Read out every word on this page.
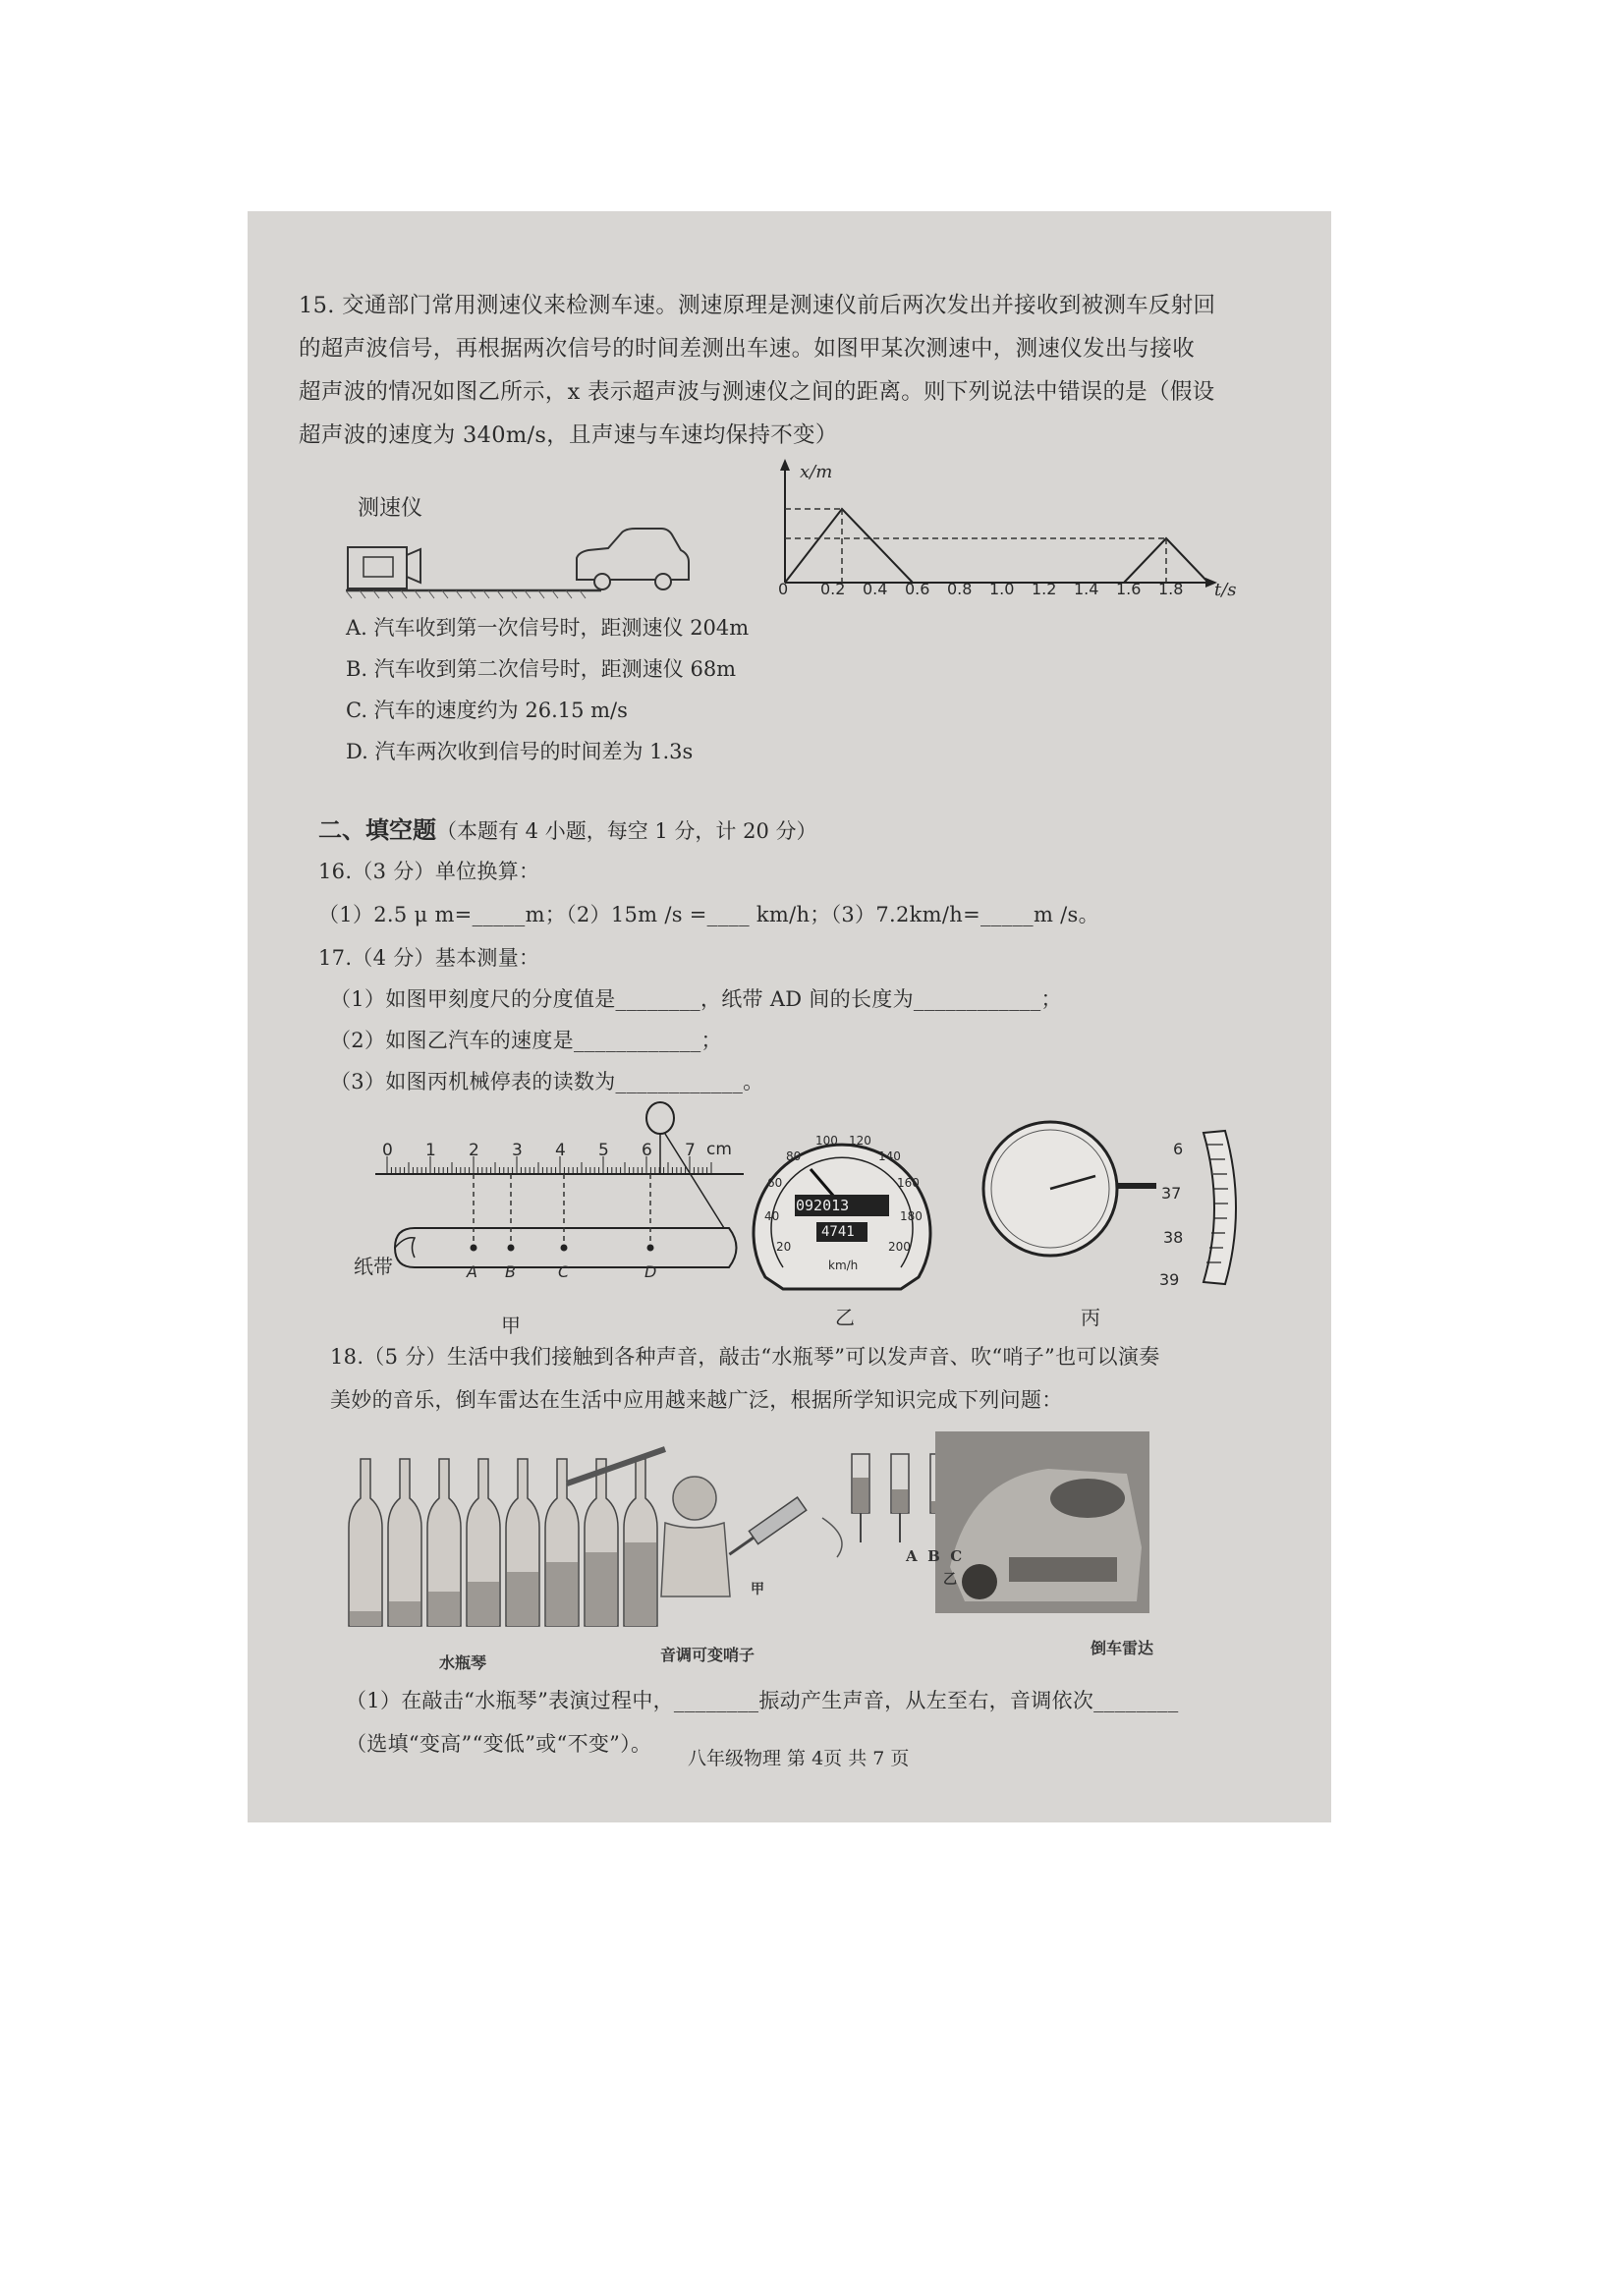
15. 交通部门常用测速仪来检测车速。测速原理是测速仪前后两次发出并接收到被测车反射回
的超声波信号，再根据两次信号的时间差测出车速。如图甲某次测速中，测速仪发出与接收
超声波的情况如图乙所示，x 表示超声波与测速仪之间的距离。则下列说法中错误的是（假设
超声波的速度为 340m/s，且声速与车速均保持不变）
测速仪
x/m
0 0.2 0.4 0.6 0.8 1.0 1.2 1.4 1.6 1.8 t/s
A. 汽车收到第一次信号时，距测速仪 204m
B. 汽车收到第二次信号时，距测速仪 68m
C. 汽车的速度约为 26.15 m/s
D. 汽车两次收到信号的时间差为 1.3s
二、填空题（本题有 4 小题，每空 1 分，计 20 分）
16.（3 分）单位换算：
（1）2.5 μ m=_____m；（2）15m /s =____ km/h；（3）7.2km/h=_____m /s。
17.（4 分）基本测量：
（1）如图甲刻度尺的分度值是________，纸带 AD 间的长度为____________；
（2）如图乙汽车的速度是____________；
（3）如图丙机械停表的读数为____________。
0 1 2 3 4 5 6 7 cm
纸带	A B	C	D
甲
20
40
60
80
100 120
140
160
180
200
092013
4741
km/h
乙
6
37
38
39
丙
18.（5 分）生活中我们接触到各种声音，敲击“水瓶琴”可以发声音、吹“哨子”也可以演奏
美妙的音乐，倒车雷达在生活中应用越来越广泛，根据所学知识完成下列问题：
水瓶琴	音调可变哨子
甲
A  B  C
乙
倒车雷达
（1）在敲击“水瓶琴”表演过程中，________振动产生声音，从左至右，音调依次________
（选填“变高”“变低”或“不变”）。
八年级物理 第 4页 共 7 页
